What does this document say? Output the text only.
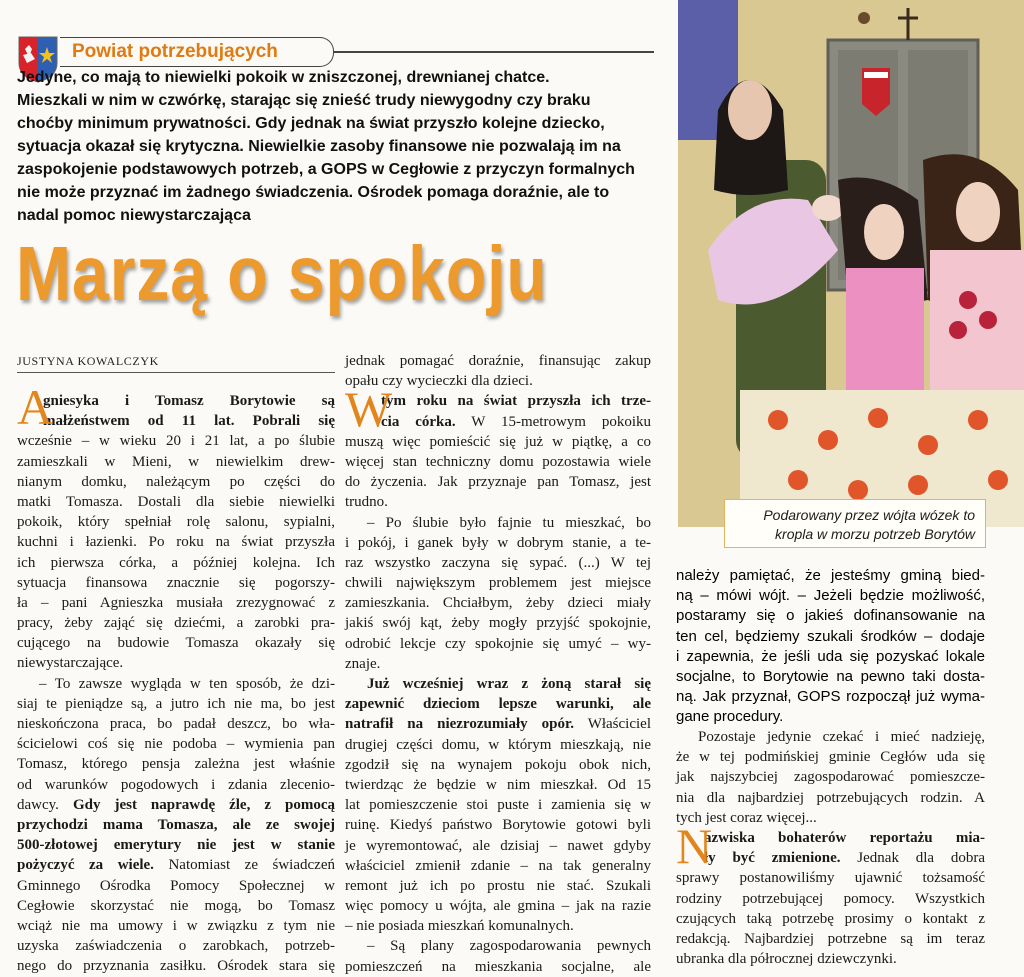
Powiat potrzebujących
Jedyne, co mają to niewielki pokoik w zniszczonej, drewnianej chatce.
Mieszkali w nim w czwórkę, starając się znieść trudy niewygodny czy braku
choćby minimum prywatności. Gdy jednak na świat przyszło kolejne dziecko,
sytuacja okazał się krytyczna. Niewielkie zasoby finansowe nie pozwalają im na
zaspokojenie podstawowych potrzeb, a GOPS w Cegłowie z przyczyn formalnych
nie może przyznać im żadnego świadczenia. Ośrodek pomaga doraźnie, ale to
nadal pomoc niewystarczająca
Marzą o spokoju
JUSTYNA KOWALCZYK
Podarowany przez wójta wózek to
kropla w morzu potrzeb Borytów
A
gniesyka i Tomasz Borytowie są
małżeństwem od 11 lat. Pobrali się
wcześnie – w wieku 20 i 21 lat, a po ślubie
zamieszkali w Mieni, w niewielkim drew-
nianym domku, należącym po części do
matki Tomasza. Dostali dla siebie niewielki
pokoik, który spełniał rolę salonu, sypialni,
kuchni i łazienki. Po roku na świat przyszła
ich pierwsza córka, a później kolejna. Ich
sytuacja finansowa znacznie się pogorszy-
ła – pani Agnieszka musiała zrezygnować z
pracy, żeby zająć się dziećmi, a zarobki pra-
cującego na budowie Tomasza okazały się
niewystarczające.
– To zawsze wygląda w ten sposób, że dzi-
siaj te pieniądze są, a jutro ich nie ma, bo jest
nieskończona praca, bo padał deszcz, bo wła-
ścicielowi coś się nie podoba – wymienia pan
Tomasz, którego pensja zależna jest właśnie
od warunków pogodowych i zdania zlecenio-
dawcy. Gdy jest naprawdę źle, z pomocą
przychodzi mama Tomasza, ale ze swojej
500-złotowej emerytury nie jest w stanie
pożyczyć za wiele. Natomiast ze świadczeń
Gminnego Ośrodka Pomocy Społecznej w
Cegłowie skorzystać nie mogą, bo Tomasz
wciąż nie ma umowy i w związku z tym nie
uzyska zaświadczenia o zarobkach, potrzeb-
nego do przyznania zasiłku. Ośrodek stara się
jednak pomagać doraźnie, finansując zakup
opału czy wycieczki dla dzieci.
W
tym roku na świat przyszła ich trze-
cia córka. W 15-metrowym pokoiku
muszą więc pomieścić się już w piątkę, a co
więcej stan techniczny domu pozostawia wiele
do życzenia. Jak przyznaje pan Tomasz, jest
trudno.
– Po ślubie było fajnie tu mieszkać, bo
i pokój, i ganek były w dobrym stanie, a te-
raz wszystko zaczyna się sypać. (...) W tej
chwili największym problemem jest miejsce
zamieszkania. Chciałbym, żeby dzieci miały
jakiś swój kąt, żeby mogły przyjść spokojnie,
odrobić lekcje czy spokojnie się umyć – wy-
znaje.
Już wcześniej wraz z żoną starał się
zapewnić dzieciom lepsze warunki, ale
natrafił na niezrozumiały opór. Właściciel
drugiej części domu, w którym mieszkają, nie
zgodził się na wynajem pokoju obok nich,
twierdząc że będzie w nim mieszkał. Od 15
lat pomieszczenie stoi puste i zamienia się w
ruinę. Kiedyś państwo Borytowie gotowi byli
je wyremontować, ale dzisiaj – nawet gdyby
właściciel zmienił zdanie – na tak generalny
remont już ich po prostu nie stać. Szukali
więc pomocy u wójta, ale gmina – jak na razie
– nie posiada mieszkań komunalnych.
– Są plany zagospodarowania pewnych
pomieszczeń na mieszkania socjalne, ale
należy pamiętać, że jesteśmy gminą bied-
ną – mówi wójt. – Jeżeli będzie możliwość,
postaramy się o jakieś dofinansowanie na
ten cel, będziemy szukali środków – dodaje
i zapewnia, że jeśli uda się pozyskać lokale
socjalne, to Borytowie na pewno taki dosta-
ną. Jak przyznał, GOPS rozpoczął już wyma-
gane procedury.
Pozostaje jedynie czekać i mieć nadzieję,
że w tej podmińskiej gminie Cegłów uda się
jak najszybciej zagospodarować pomieszcze-
nia dla najbardziej potrzebujących rodzin. A
tych jest coraz więcej...
N
azwiska bohaterów reportażu mia-
ły być zmienione. Jednak dla dobra
sprawy postanowiliśmy ujawnić tożsamość
rodziny potrzebującej pomocy. Wszystkich
czujących taką potrzebę prosimy o kontakt z
redakcją. Najbardziej potrzebne są im teraz
ubranka dla półrocznej dziewczynki.
